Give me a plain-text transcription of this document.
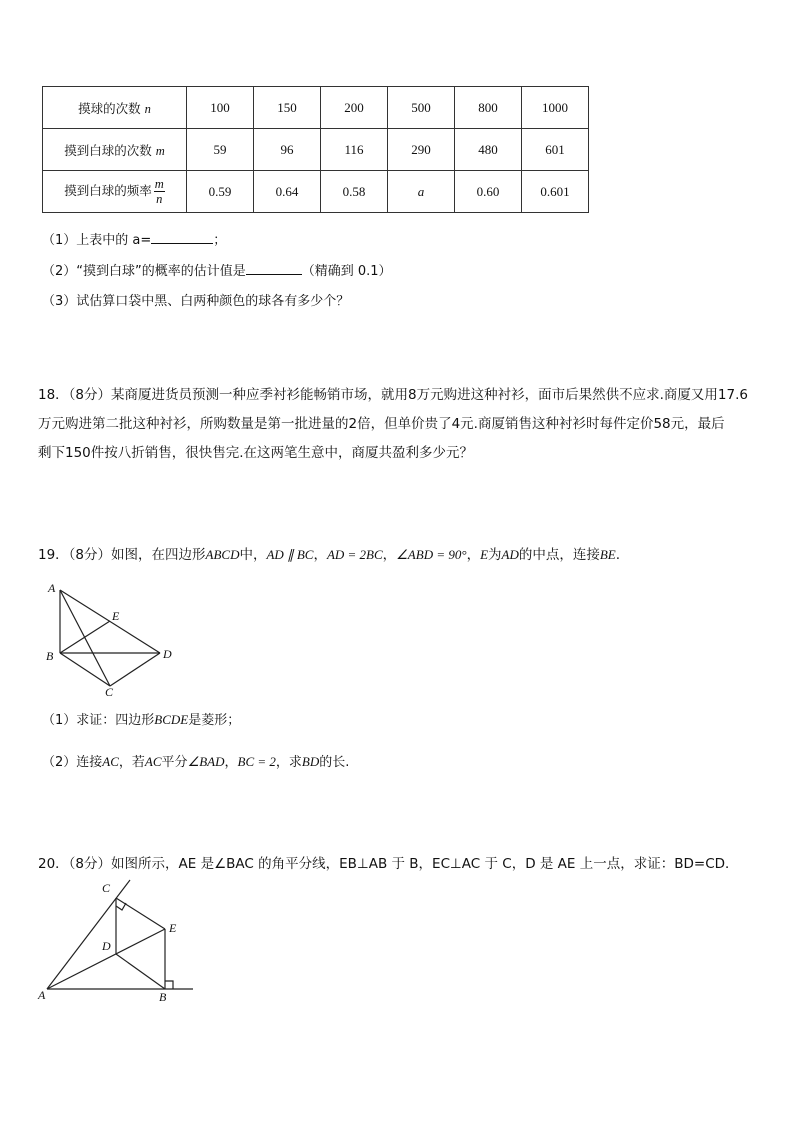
摸球的次数 n	100	150	200	500	800	1000
摸到白球的次数 m	59	96	116	290	480	601
摸到白球的频率 $\frac{m}{n}$	0.59	0.64	0.58	a	0.60	0.601
（1）上表中的 a=	；
（2）“摸到白球”的概率的估计值是	（精确到 0.1）
（3）试估算口袋中黑、白两种颜色的球各有多少个？
18．（8分）某商厦进货员预测一种应季衬衫能畅销市场，就用8万元购进这种衬衫，面市后果然供不应求.商厦又用17.6
万元购进第二批这种衬衫，所购数量是第一批进量的2倍，但单价贵了4元.商厦销售这种衬衫时每件定价58元，最后
剩下150件按八折销售，很快售完.在这两笔生意中，商厦共盈利多少元？
19．（8分）如图，在四边形ABCD中，AD ∥ BC，AD = 2BC，∠ABD = 90°，E为AD的中点，连接BE.
A
E
B	D
C
（1）求证：四边形BCDE是菱形；
（2）连接AC，若AC平分∠BAD，BC = 2，求BD的长.
20．（8分）如图所示，AE 是∠BAC 的角平分线，EB⊥AB 于 B，EC⊥AC 于 C，D 是 AE 上一点，求证：BD=CD．
C
E
D
A	B
